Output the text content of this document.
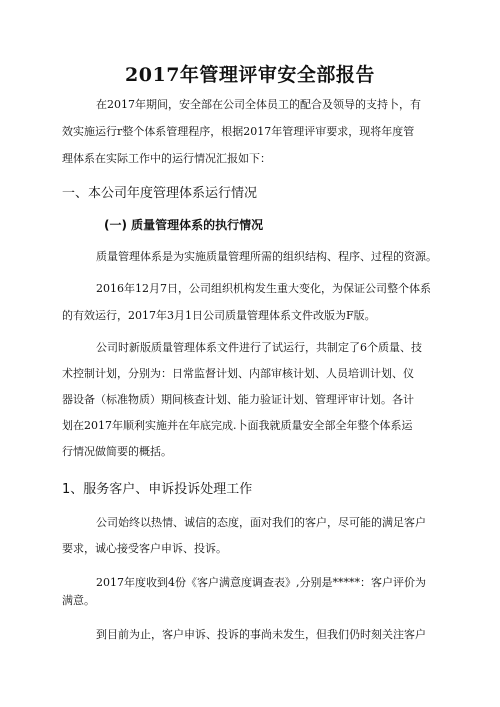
2017年管理评审安全部报告

在2017年期间，安全部在公司全体员工的配合及领导的支持卜，有

效实施运行r整个体系管理程序，根据2017年管理评审要求，现将年度管

理体系在实际工作中的运行情况汇报如下：

一、本公司年度管理体系运行情况
(一) 质量管理体系的执行情况

质量管理体系是为实施质量管理所需的组织结构、程序、过程的资源。

2016年12月7日，公司组织机构发生重大变化，为保证公司整个体系

的有效运行，2017年3月1日公司质量管理体系文件改版为F版。

公司时新版质量管理体系文件进行了试运行，共制定了6个质量、技

术控制计划，分别为：日常监督计划、内部审核计划、人员培训计划、仪

器设备（标准物质）期间核查计划、能力验证计划、管理评审计划。各计

划在2017年顺利实施并在年底完成.卜面我就质量安全部全年整个体系运

行情况做简要的概括。

1、服务客户、申诉投诉处理工作

公司始终以热情、诚信的态度，面对我们的客户，尽可能的满足客户

要求，诚心接受客户申诉、投诉。

2017年度收到4份《客户满意度调查表》,分别是*****：客户评价为

满意。

到目前为止，客户申诉、投诉的事尚未发生，但我们仍时刻关注客户
